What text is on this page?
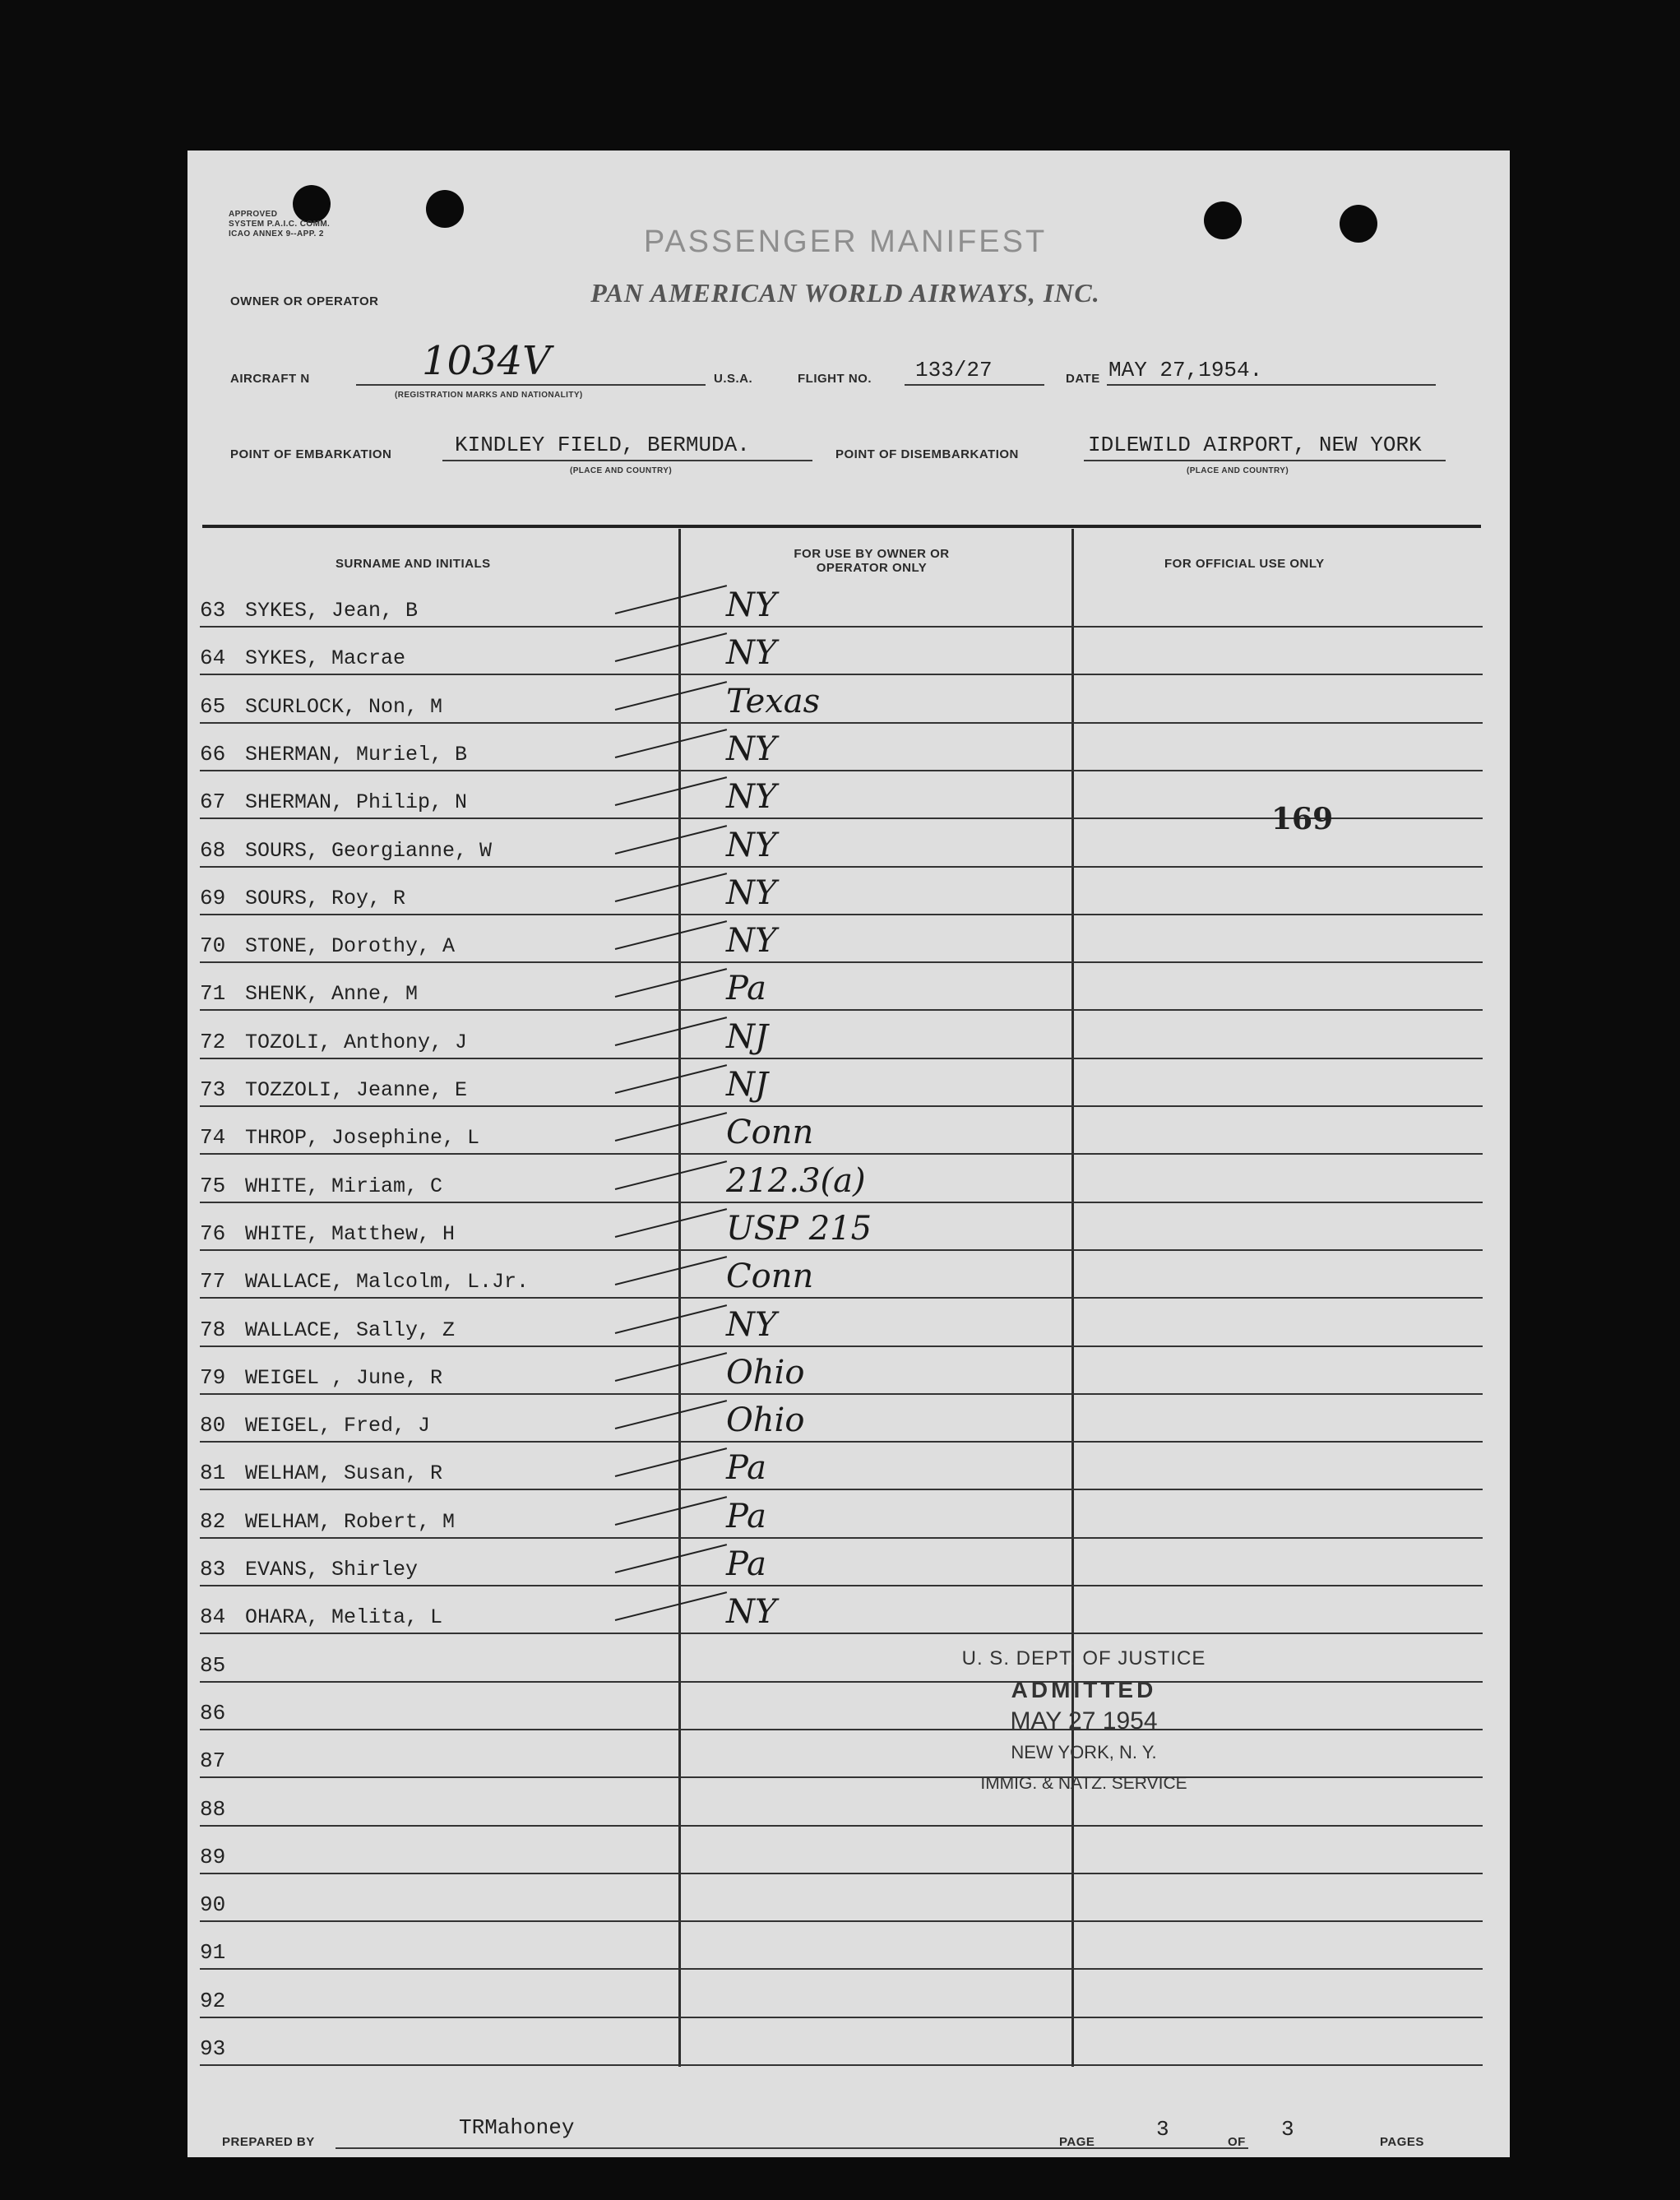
APPROVED
SYSTEM P.A.I.C. COMM.
ICAO ANNEX 9--APP. 2	PASSENGER MANIFEST
OWNER OR OPERATOR	PAN AMERICAN WORLD AIRWAYS, INC.
AIRCRAFT N	1034V
(REGISTRATION MARKS AND NATIONALITY)
U.S.A.	FLIGHT NO. 133/27	DATE MAY 27,1954.
POINT OF EMBARKATION	KINDLEY FIELD, BERMUDA.
(PLACE AND COUNTRY)
POINT OF DISEMBARKATION	IDLEWILD AIRPORT, NEW YORK
(PLACE AND COUNTRY)
SURNAME AND INITIALS
FOR USE BY OWNER OR OPERATOR ONLY	FOR OFFICIAL USE ONLY
63 SYKES, Jean, B	NY
64 SYKES, Macrae	NY
65 SCURLOCK, Non, M	Texas
66 SHERMAN, Muriel, B	NY
67 SHERMAN, Philip, N	NY
68 SOURS, Georgianne, W	NY
69 SOURS, Roy, R	NY
70 STONE, Dorothy, A	NY
71 SHENK, Anne, M	Pa
72 TOZOLI, Anthony, J	NJ
73 TOZZOLI, Jeanne, E	NJ
74 THROP, Josephine, L	Conn
75 WHITE, Miriam, C	212.3(a)
76 WHITE, Matthew, H	USP 215
77 WALLACE, Malcolm, L.Jr.	Conn
78 WALLACE, Sally, Z	NY
79 WEIGEL , June, R	Ohio
80 WEIGEL, Fred, J	Ohio
81 WELHAM, Susan, R	Pa
82 WELHAM, Robert, M	Pa
83 EVANS, Shirley	Pa
84 OHARA, Melita, L	NY
85
86
87
88
89
90
91
92
93
169
U. S. DEPT. OF JUSTICE
ADMITTED
MAY 27 1954
NEW YORK, N. Y.
IMMIG. & NATZ. SERVICE
PREPARED BY
TRMahoney
PAGE
3
OF
3
PAGES
